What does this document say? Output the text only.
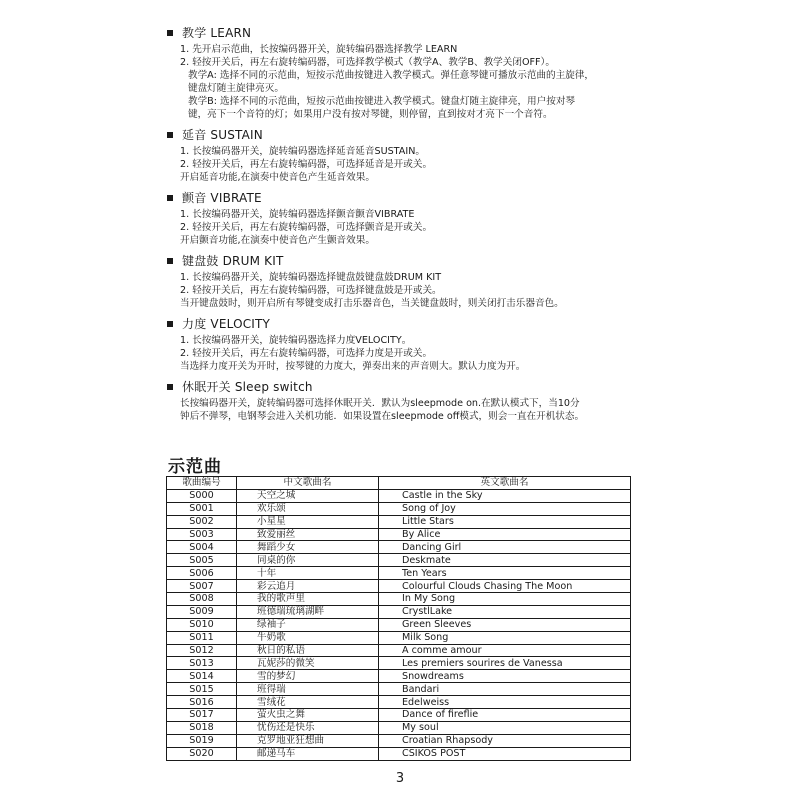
教学 LEARN
1. 先开启示范曲，长按编码器开关，旋转编码器选择教学 LEARN
2. 轻按开关后，再左右旋转编码器，可选择教学模式（教学A、教学B、教学关闭OFF）。
教学A: 选择不同的示范曲，短按示范曲按键进入教学模式。弹任意琴键可播放示范曲的主旋律，
键盘灯随主旋律亮灭。
教学B: 选择不同的示范曲，短按示范曲按键进入教学模式。键盘灯随主旋律亮，用户按对琴
键，亮下一个音符的灯；如果用户没有按对琴键，则停留，直到按对才亮下一个音符。
延音 SUSTAIN
1. 长按编码器开关，旋转编码器选择延音延音SUSTAIN。
2. 轻按开关后，再左右旋转编码器，可选择延音是开或关。
开启延音功能,在演奏中使音色产生延音效果。
颤音 VIBRATE
1. 长按编码器开关，旋转编码器选择颤音颤音VIBRATE
2. 轻按开关后，再左右旋转编码器，可选择颤音是开或关。
开启颤音功能,在演奏中使音色产生颤音效果。
键盘鼓 DRUM KIT
1. 长按编码器开关，旋转编码器选择键盘鼓键盘鼓DRUM KIT
2. 轻按开关后，再左右旋转编码器，可选择键盘鼓是开或关。
当开键盘鼓时，则开启所有琴键变成打击乐器音色，当关键盘鼓时，则关闭打击乐器音色。
力度 VELOCITY
1. 长按编码器开关，旋转编码器选择力度VELOCITY。
2. 轻按开关后，再左右旋转编码器，可选择力度是开或关。
当选择力度开关为开时，按琴键的力度大，弹奏出来的声音则大。默认力度为开。
休眠开关 Sleep switch
长按编码器开关，旋转编码器可选择休眠开关．默认为sleepmode on.在默认模式下，当10分
钟后不弹琴，电钢琴会进入关机功能．如果设置在sleepmode off模式，则会一直在开机状态。
示范曲
歌曲编号	中文歌曲名	英文歌曲名
S000	天空之城	Castle in the Sky
S001	欢乐颂	Song of Joy
S002	小星星	Little Stars
S003	致爱丽丝	By Alice
S004	舞蹈少女	Dancing Girl
S005	同桌的你	Deskmate
S006	十年	Ten Years
S007	彩云追月	Colourful Clouds Chasing The Moon
S008	我的歌声里	In My Song
S009	班德瑞琉璃湖畔	CrystlLake
S010	绿袖子	Green Sleeves
S011	牛奶歌	Milk Song
S012	秋日的私语	A comme amour
S013	瓦妮莎的微笑	Les premiers sourires de Vanessa
S014	雪的梦幻	Snowdreams
S015	班得瑞	Bandari
S016	雪绒花	Edelweiss
S017	萤火虫之舞	Dance of fireflie
S018	忧伤还是快乐	My soul
S019	克罗地亚狂想曲	Croatian Rhapsody
S020	邮递马车	CSIKOS POST
3
